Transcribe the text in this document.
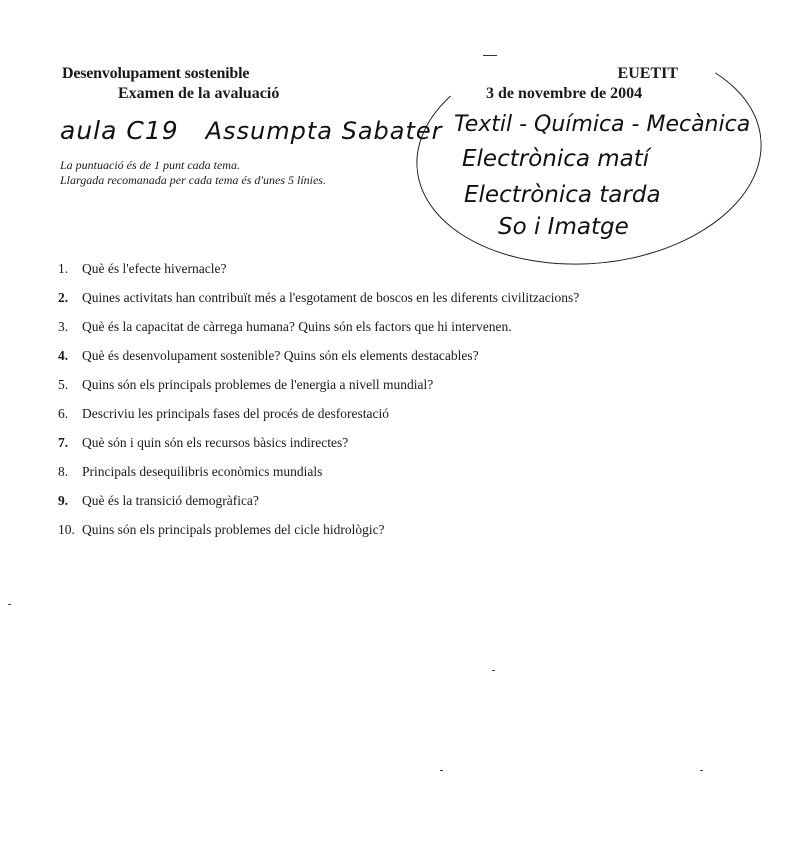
Desenvolupament sostenible
Examen de la avaluació
EUETIT
3 de novembre de 2004
aula C19 Assumpta Sabater
La puntuació és de 1 punt cada tema.
Llargada recomanada per cada tema és d'unes 5 línies.
Textil - Química - Mecànica
Electrònica matí
Electrònica tarda
So i Imatge
1.	Què és l'efecte hivernacle?
2.	Quines activitats han contribuït més a l'esgotament de boscos en les diferents civilitzacions?
3.	Què és la capacitat de càrrega humana? Quins són els factors que hi intervenen.
4.	Què és desenvolupament sostenible? Quins són els elements destacables?
5.	Quins són els principals problemes de l'energia a nivell mundial?
6.	Descriviu les principals fases del procés de desforestació
7.	Què són i quin són els recursos bàsics indirectes?
8.	Principals desequilibris econòmics mundials
9.	Què és la transició demogràfica?
10. Quins són els principals problemes del cicle hidrològic?
